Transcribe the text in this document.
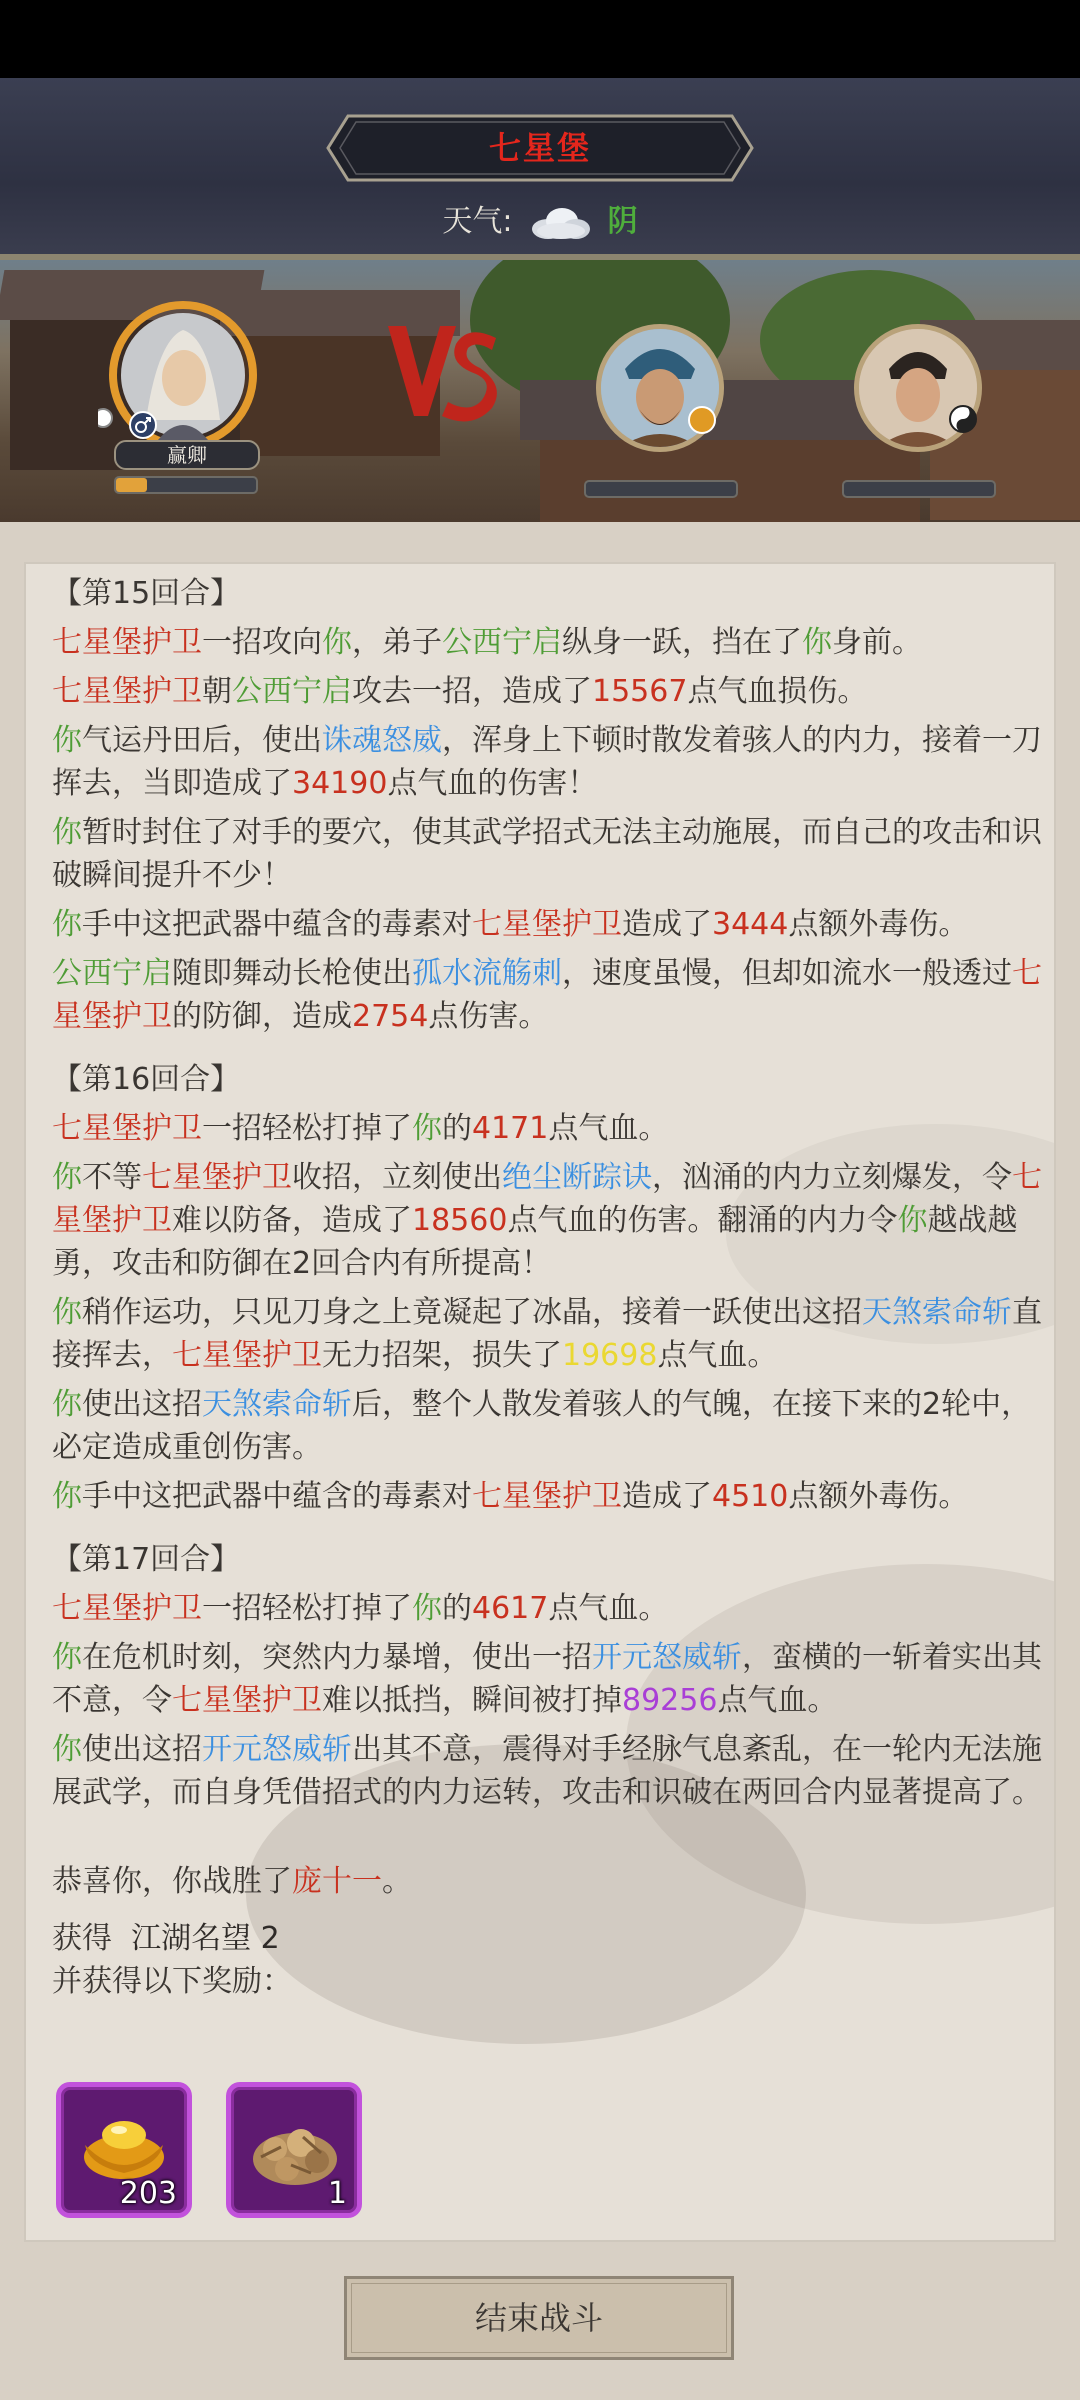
七星堡
天气:	阴
赢卿
【第15回合】
七星堡护卫一招攻向你，弟子公西宁启纵身一跃，挡在了你身前。
七星堡护卫朝公西宁启攻去一招，造成了15567点气血损伤。
你气运丹田后，使出诛魂怒威，浑身上下顿时散发着骇人的内力，接着一刀挥去，当即造成了34190点气血的伤害！
你暂时封住了对手的要穴，使其武学招式无法主动施展，而自己的攻击和识破瞬间提升不少！
你手中这把武器中蕴含的毒素对七星堡护卫造成了3444点额外毒伤。
公西宁启随即舞动长枪使出孤水流觞刺，速度虽慢，但却如流水一般透过七星堡护卫的防御，造成2754点伤害。
【第16回合】
七星堡护卫一招轻松打掉了你的4171点气血。
你不等七星堡护卫收招，立刻使出绝尘断踪诀，汹涌的内力立刻爆发，令七星堡护卫难以防备，造成了18560点气血的伤害。翻涌的内力令你越战越勇，攻击和防御在2回合内有所提高！
你稍作运功，只见刀身之上竟凝起了冰晶，接着一跃使出这招天煞索命斩直接挥去，七星堡护卫无力招架，损失了19698点气血。
你使出这招天煞索命斩后，整个人散发着骇人的气魄，在接下来的2轮中，必定造成重创伤害。
你手中这把武器中蕴含的毒素对七星堡护卫造成了4510点额外毒伤。
【第17回合】
七星堡护卫一招轻松打掉了你的4617点气血。
你在危机时刻，突然内力暴增，使出一招开元怒威斩，蛮横的一斩着实出其不意，令七星堡护卫难以抵挡，瞬间被打掉89256点气血。
你使出这招开元怒威斩出其不意，震得对手经脉气息紊乱，在一轮内无法施展武学，而自身凭借招式的内力运转，攻击和识破在两回合内显著提高了。
恭喜你，你战胜了庞十一。
获得 江湖名望 2
并获得以下奖励：
203	1
结束战斗
